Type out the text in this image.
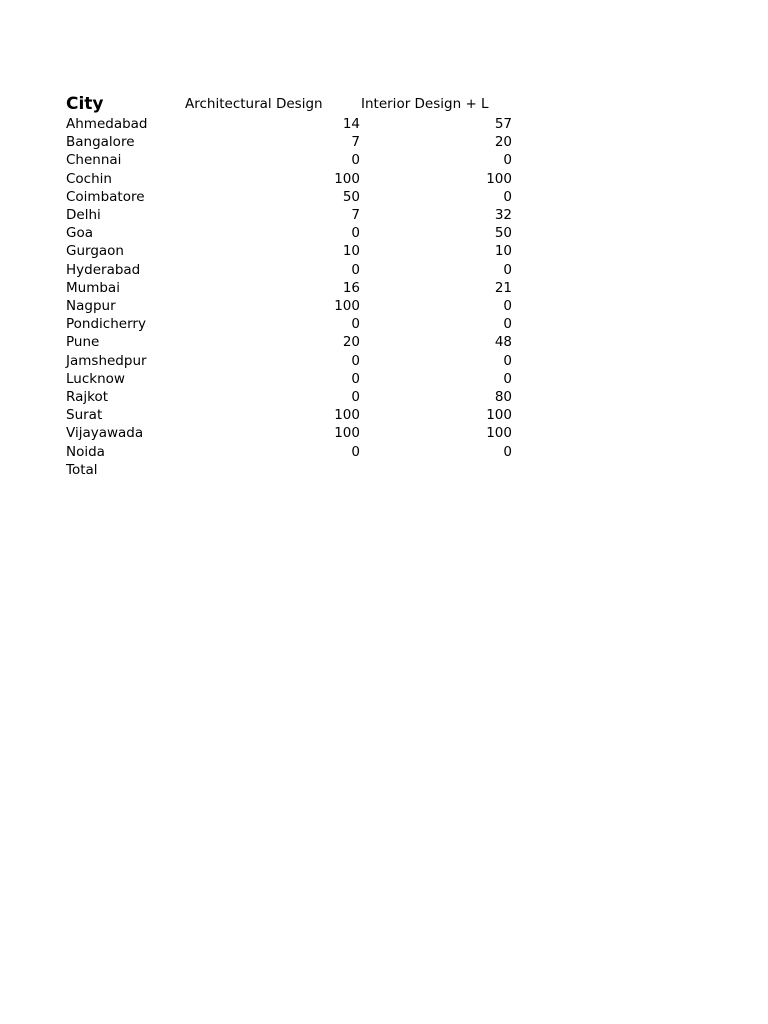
City	Architectural Design	Interior Design + L
Ahmedabad	14	57
Bangalore	7	20
Chennai	0	0
Cochin	100	100
Coimbatore	50	0
Delhi	7	32
Goa	0	50
Gurgaon	10	10
Hyderabad	0	0
Mumbai	16	21
Nagpur	100	0
Pondicherry	0	0
Pune	20	48
Jamshedpur	0	0
Lucknow	0	0
Rajkot	0	80
Surat	100	100
Vijayawada	100	100
Noida	0	0
Total		
